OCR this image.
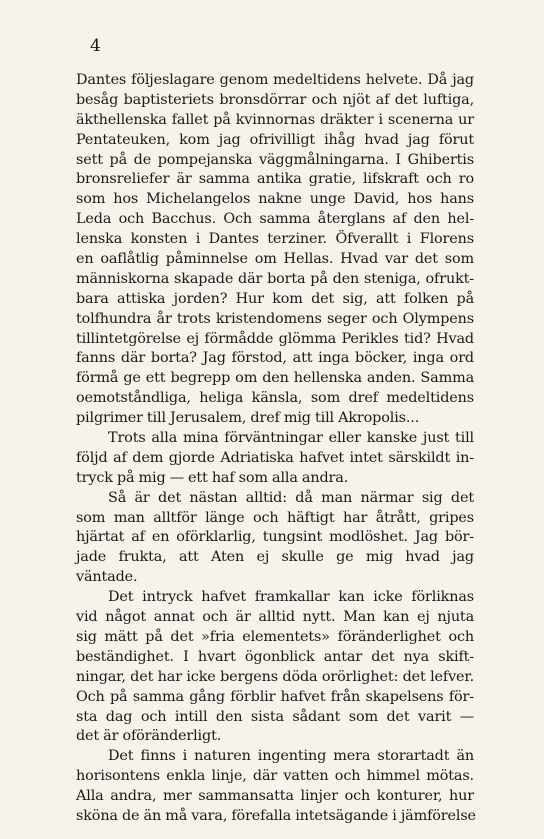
4
Dantes följeslagare genom medeltidens helvete. Då jag
besåg baptisteriets bronsdörrar och njöt af det luftiga,
äkthellenska fallet på kvinnornas dräkter i scenerna ur
Pentateuken, kom jag ofrivilligt ihåg hvad jag förut
sett på de pompejanska väggmålningarna. I Ghibertis
bronsreliefer är samma antika gratie, lifskraft och ro
som hos Michelangelos nakne unge David, hos hans
Leda och Bacchus. Och samma återglans af den hel-
lenska konsten i Dantes terziner. Öfverallt i Florens
en oaflåtlig påminnelse om Hellas. Hvad var det som
människorna skapade där borta på den steniga, ofrukt-
bara attiska jorden? Hur kom det sig, att folken på
tolfhundra år trots kristendomens seger och Olympens
tillintetgörelse ej förmådde glömma Perikles tid? Hvad
fanns där borta? Jag förstod, att inga böcker, inga ord
förmå ge ett begrepp om den hellenska anden. Samma
oemotståndliga, heliga känsla, som dref medeltidens
pilgrimer till Jerusalem, dref mig till Akropolis...
Trots alla mina förväntningar eller kanske just till
följd af dem gjorde Adriatiska hafvet intet särskildt in-
tryck på mig — ett haf som alla andra.
Så är det nästan alltid: då man närmar sig det
som man alltför länge och häftigt har åtrått, gripes
hjärtat af en oförklarlig, tungsint modlöshet. Jag bör-
jade frukta, att Aten ej skulle ge mig hvad jag
väntade.
Det intryck hafvet framkallar kan icke förliknas
vid något annat och är alltid nytt. Man kan ej njuta
sig mätt på det »fria elementets» föränderlighet och
beständighet. I hvart ögonblick antar det nya skift-
ningar, det har icke bergens döda orörlighet: det lefver.
Och på samma gång förblir hafvet från skapelsens för-
sta dag och intill den sista sådant som det varit —
det är oföränderligt.
Det finns i naturen ingenting mera storartadt än
horisontens enkla linje, där vatten och himmel mötas.
Alla andra, mer sammansatta linjer och konturer, hur
sköna de än må vara, förefalla intetsägande i jämförelse
